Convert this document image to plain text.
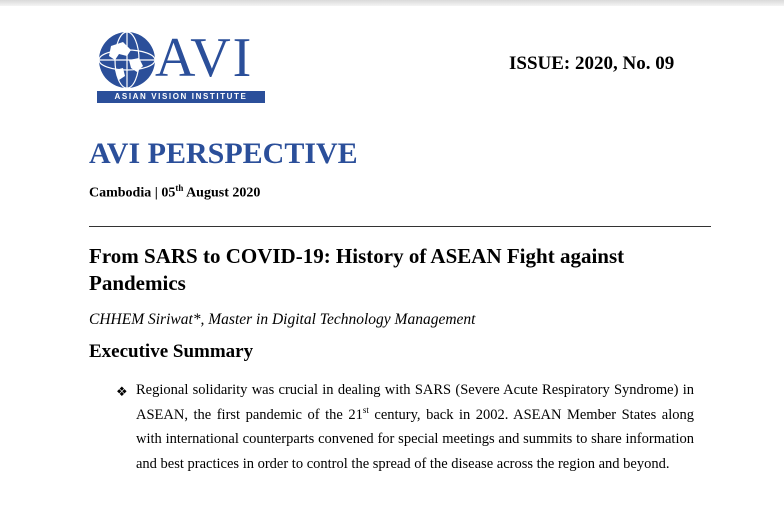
AVI
ASIAN VISION INSTITUTE
ISSUE: 2020, No. 09
AVI PERSPECTIVE
Cambodia | 05th August 2020
From SARS to COVID-19: History of ASEAN Fight against Pandemics
CHHEM Siriwat*, Master in Digital Technology Management
Executive Summary
❖ Regional solidarity was crucial in dealing with SARS (Severe Acute Respiratory Syndrome) in ASEAN, the first pandemic of the 21st century, back in 2002. ASEAN Member States along with international counterparts convened for special meetings and summits to share information and best practices in order to control the spread of the disease across the region and beyond.
